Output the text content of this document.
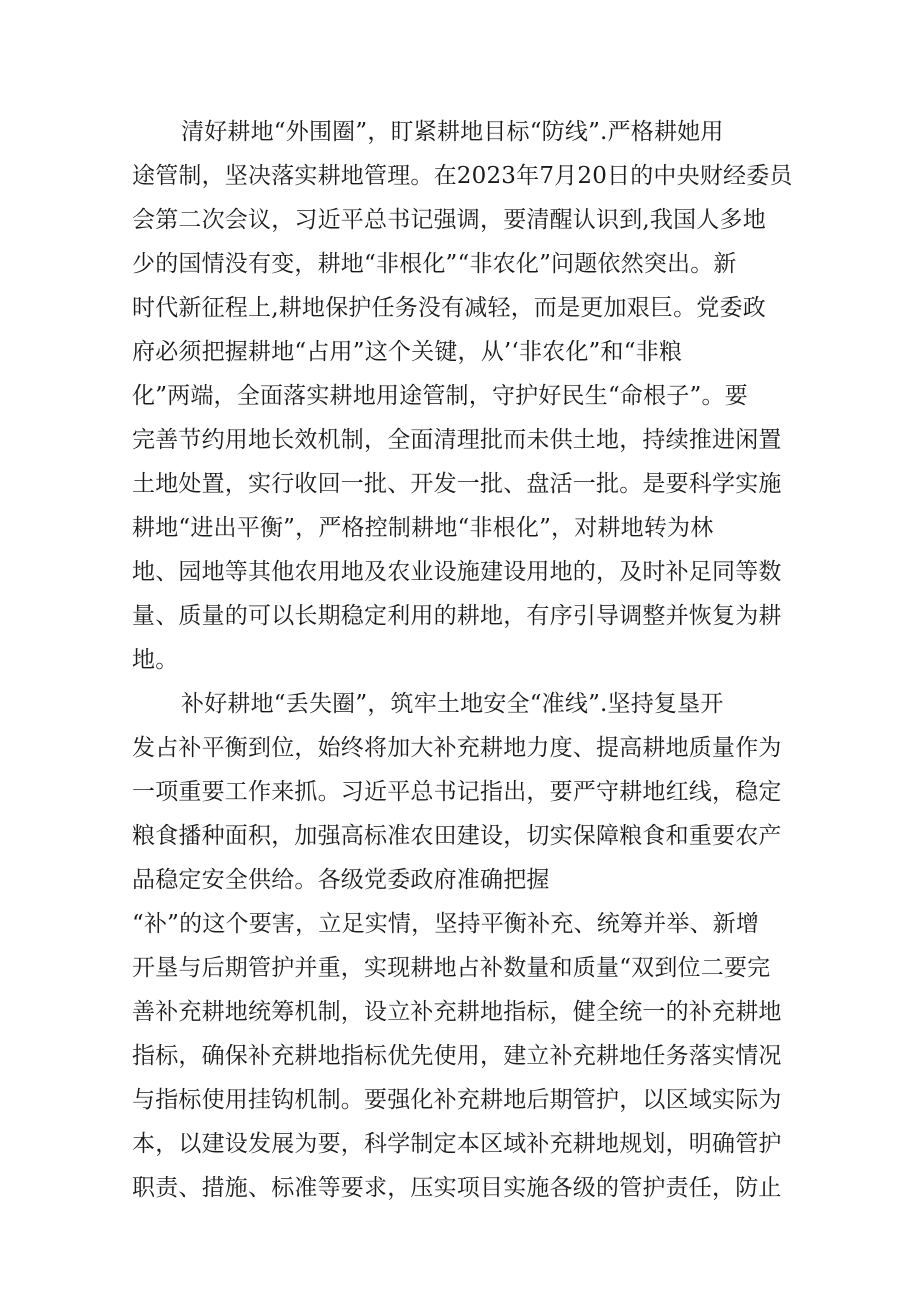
清好耕地“外围圈”，盯紧耕地目标“防线”.严格耕她用
途管制，坚决落实耕地管理。在2023年7月20日的中央财经委员
会第二次会议，习近平总书记强调，要清醒认识到,我国人多地
少的国情没有变，耕地“非根化”“非农化”问题依然突出。新
时代新征程上,耕地保护任务没有减轻，而是更加艰巨。党委政
府必须把握耕地“占用”这个关键，从’‘非农化”和“非粮
化”两端，全面落实耕地用途管制，守护好民生“命根子”。要
完善节约用地长效机制，全面清理批而未供土地，持续推进闲置
土地处置，实行收回一批、开发一批、盘活一批。是要科学实施
耕地“进出平衡”，严格控制耕地“非根化”，对耕地转为林
地、园地等其他农用地及农业设施建设用地的，及时补足同等数
量、质量的可以长期稳定利用的耕地，有序引导调整并恢复为耕
地。
补好耕地“丢失圈”，筑牢土地安全“准线”.坚持复垦开
发占补平衡到位，始终将加大补充耕地力度、提高耕地质量作为
一项重要工作来抓。习近平总书记指出，要严守耕地红线，稳定
粮食播种面积，加强高标准农田建设，切实保障粮食和重要农产
品稳定安全供给。各级党委政府准确把握
“补”的这个要害，立足实情，坚持平衡补充、统筹并举、新增
开垦与后期管护并重，实现耕地占补数量和质量“双到位二要完
善补充耕地统筹机制，设立补充耕地指标，健全统一的补充耕地
指标，确保补充耕地指标优先使用，建立补充耕地任务落实情况
与指标使用挂钩机制。要强化补充耕地后期管护，以区域实际为
本，以建设发展为要，科学制定本区域补充耕地规划，明确管护
职责、措施、标准等要求，压实项目实施各级的管护责任，防止
